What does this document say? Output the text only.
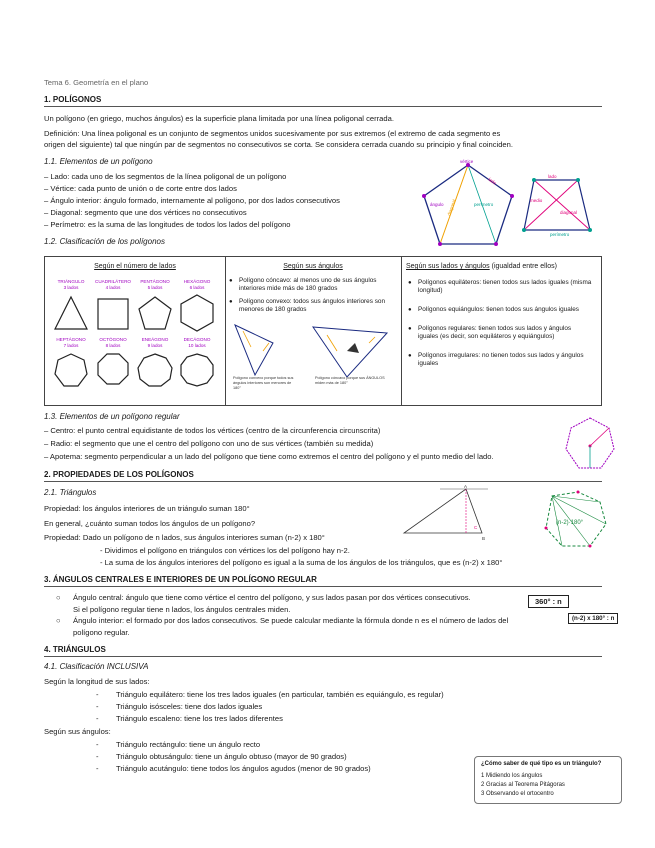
Tema 6. Geometría en el plano
1. POLÍGONOS
Un polígono (en griego, muchos ángulos) es la superficie plana limitada por una línea poligonal cerrada.
Definición: Una línea poligonal es un conjunto de segmentos unidos sucesivamente por sus extremos (el extremo de cada segmento es
origen del siguiente) tal que ningún par de segmentos no consecutivos se corta. Se considera cerrada cuando su principio y final coinciden.
1.1. Elementos de un polígono
– Lado: cada uno de los segmentos de la línea poligonal de un polígono
– Vértice: cada punto de unión o de corte entre dos lados
– Ángulo interior: ángulo formado, internamente al polígono, por dos lados consecutivos
– Diagonal: segmento que une dos vértices no consecutivos
– Perímetro: es la suma de las longitudes de todos los lados del polígono
vértice
lado
ángulo diagonal	perímetro
lado
medio
diagonal
perímetro
1.2. Clasificación de los polígonos
Según el número de lados
TRIÁNGULO
3 lados
CUADRILÁTERO
4 lados
PENTÁGONO
5 lados
HEXÁGONO
6 lados
HEPTÁGONO
7 lados
OCTÓGONO
8 lados
ENEÁGONO
9 lados
DECÁGONO
10 lados
Según sus ángulos
● Polígono cóncavo: al menos uno de sus ángulos interiores mide más de 180 grados
● Polígono convexo: todos sus ángulos interiores son menores de 180 grados
Polígono convexo porque todos sus ángulos interiores son menores de 180°
Polígono cóncavo porque sus ÁNGULOS miden más de 180°
Según sus lados y ángulos (igualdad entre ellos)
● Polígonos equiláteros: tienen todos sus lados iguales (misma longitud)
● Polígonos equiángulos: tienen todos sus ángulos iguales
● Polígonos regulares: tienen todos sus lados y ángulos iguales (es decir, son equiláteros y equiángulos)
● Polígonos irregulares: no tienen todos sus lados y ángulos iguales
1.3. Elementos de un polígono regular
– Centro: el punto central equidistante de todos los vértices (centro de la circunferencia circunscrita)
– Radio: el segmento que une el centro del polígono con uno de sus vértices (también su medida)
– Apotema: segmento perpendicular a un lado del polígono que tiene como extremos el centro del polígono y el punto medio del lado.
2. PROPIEDADES DE LOS POLÍGONOS
2.1. Triángulos
Propiedad: los ángulos interiores de un triángulo suman 180°
En general, ¿cuánto suman todos los ángulos de un polígono?
Propiedad: Dado un polígono de n lados, sus ángulos interiores suman (n-2) x 180°
- Dividimos el polígono en triángulos con vértices los del polígono hay n-2.
- La suma de los ángulos interiores del polígono es igual a la suma de los ángulos de los triángulos, que es (n-2) x 180°
A
B
C
(n-2)·180°
3. ÁNGULOS CENTRALES E INTERIORES DE UN POLÍGONO REGULAR
○ Ángulo central: ángulo que tiene como vértice el centro del polígono, y sus lados pasan por dos vértices consecutivos.
Si el polígono regular tiene n lados, los ángulos centrales miden.
360° : n
○ Ángulo interior: el formado por dos lados consecutivos. Se puede calcular mediante la fórmula donde n es el número de lados del
polígono regular.
(n-2) x 180° : n
4. TRIÁNGULOS
4.1. Clasificación INCLUSIVA
Según la longitud de sus lados:
- Triángulo equilátero: tiene los tres lados iguales (en particular, también es equiángulo, es regular)
- Triángulo isósceles: tiene dos lados iguales
- Triángulo escaleno: tiene los tres lados diferentes
Según sus ángulos:
- Triángulo rectángulo: tiene un ángulo recto
- Triángulo obtusángulo: tiene un ángulo obtuso (mayor de 90 grados)
- Triángulo acutángulo: tiene todos los ángulos agudos (menor de 90 grados)	¿Cómo saber de qué tipo es un triángulo?
1 Midiendo los ángulos
2 Gracias al Teorema Pitágoras
3 Observando el ortocentro
